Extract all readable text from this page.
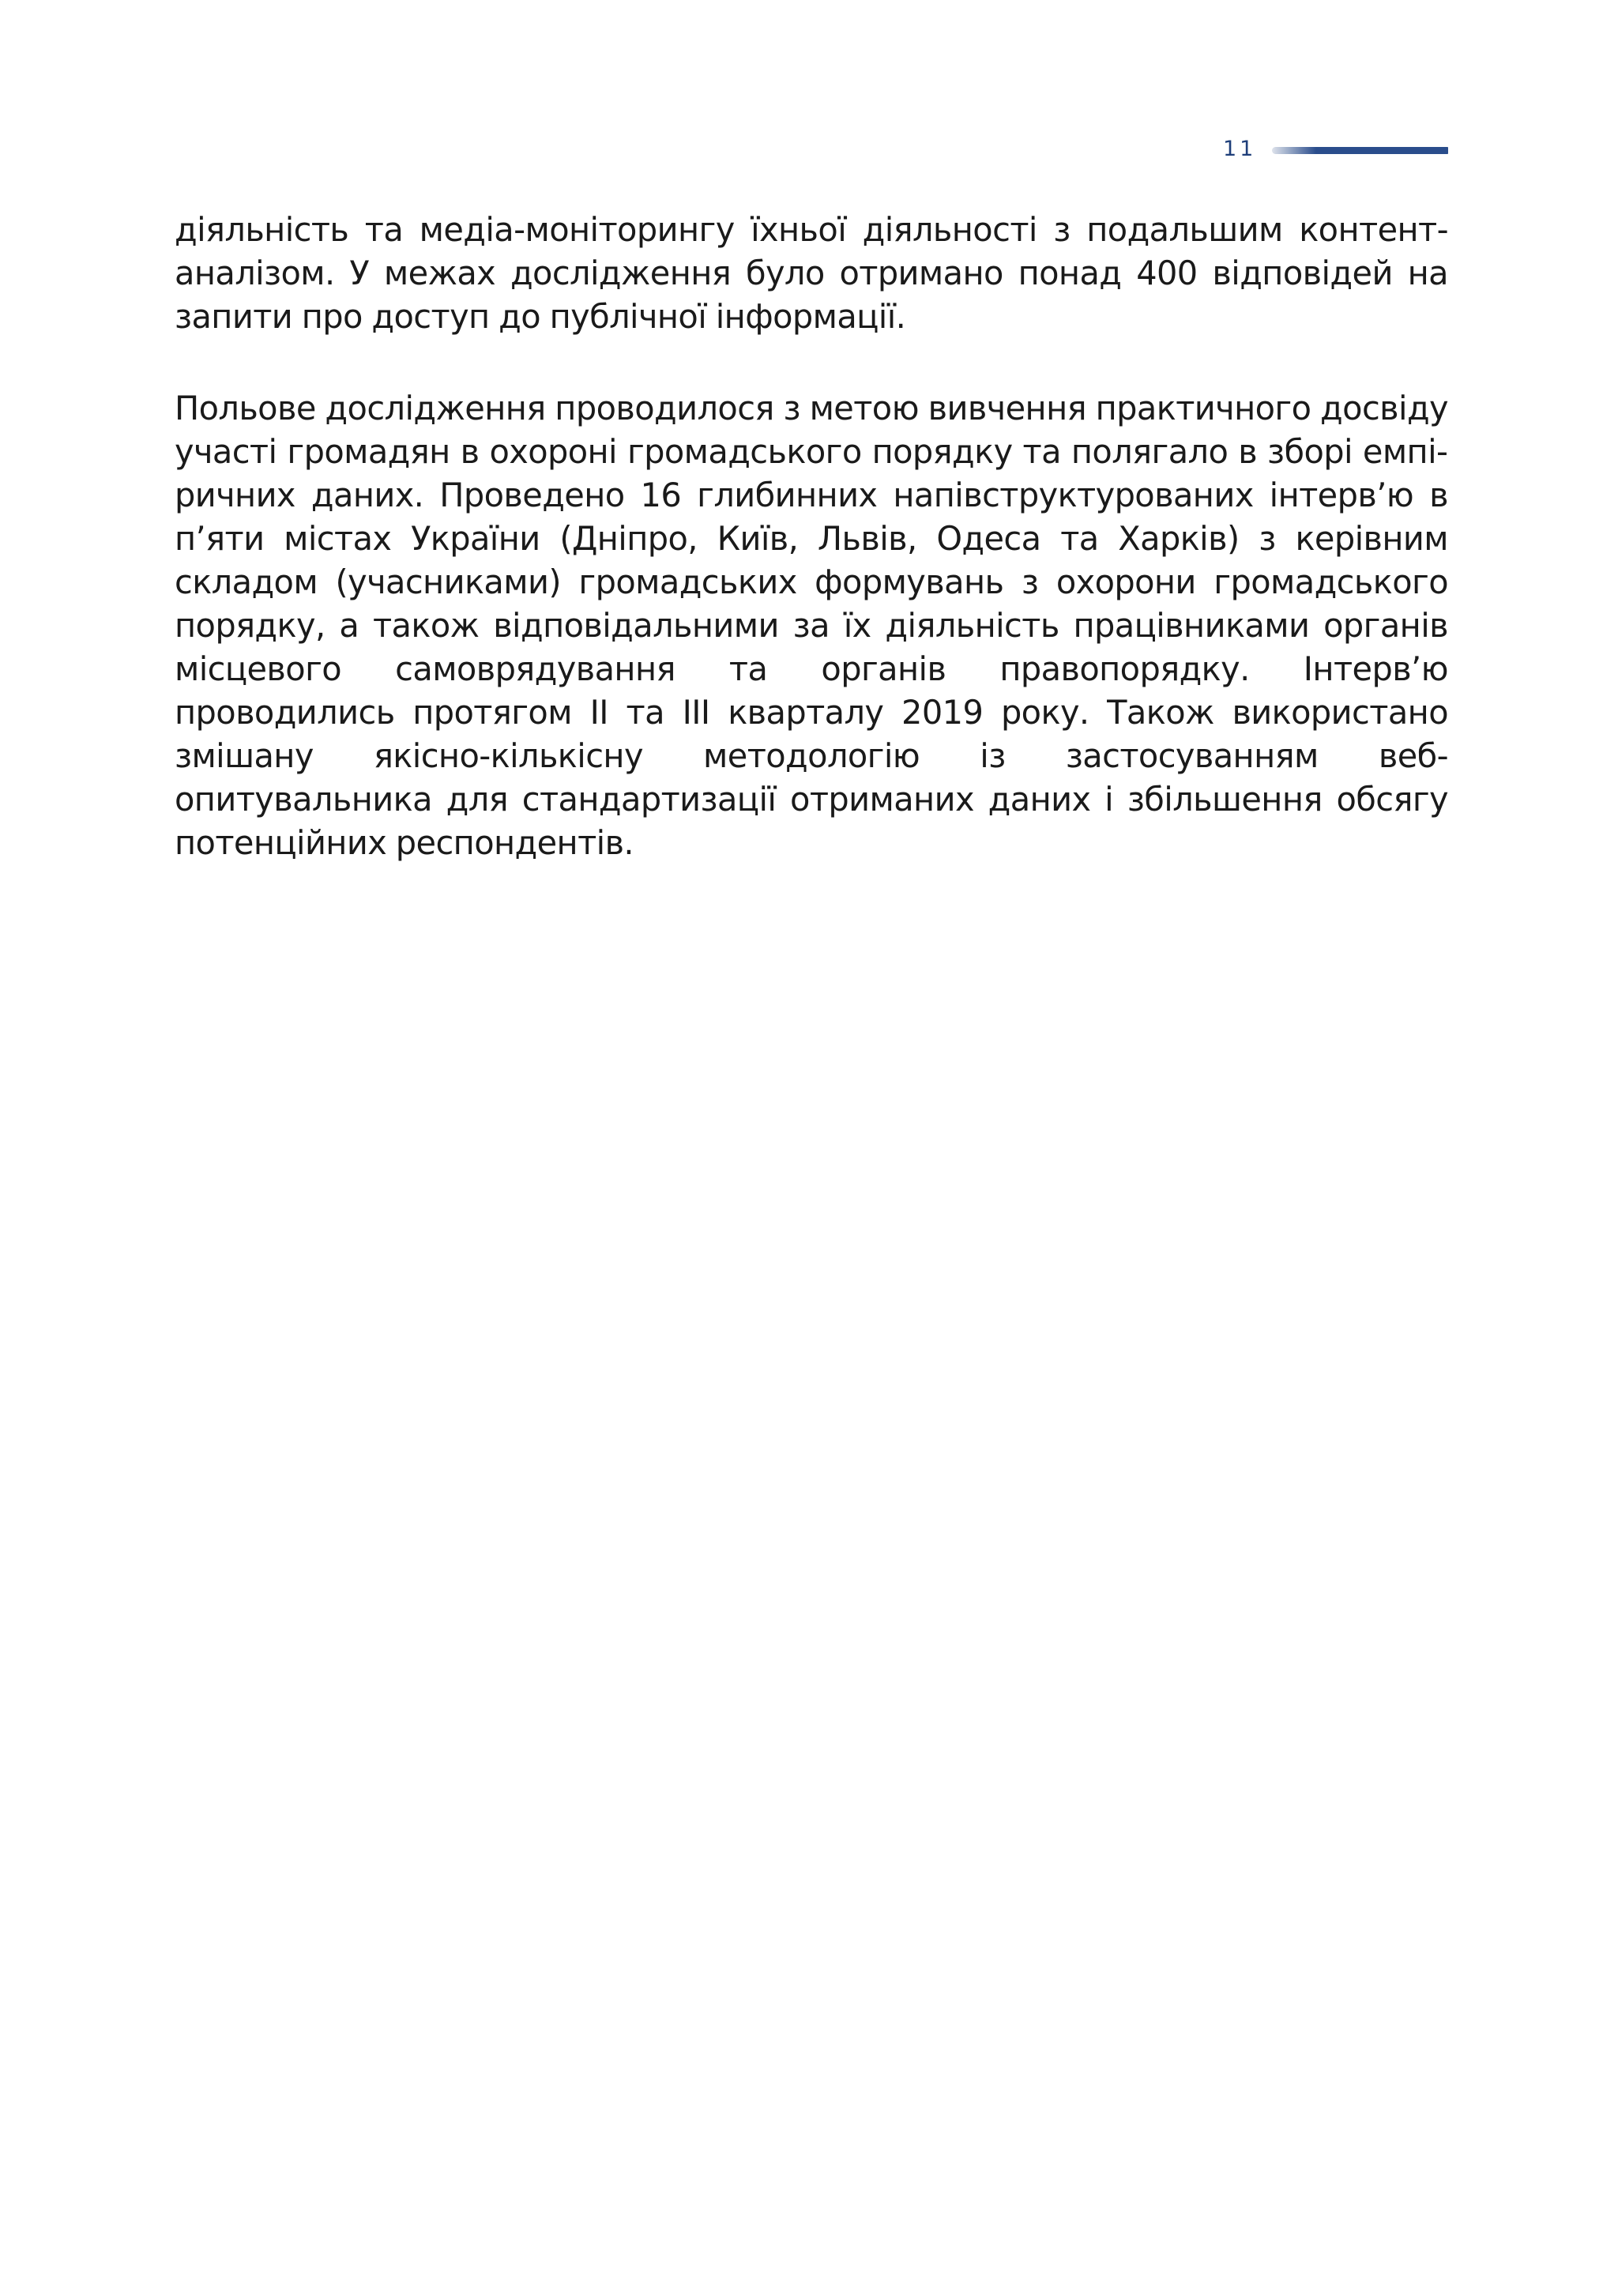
11

діяльність та медіа-моніторингу їхньої діяльності з подальшим контент-аналізом. У межах дослідження було отримано понад 400 відповідей на запити про доступ до публічної інформації.

Польове дослідження проводилося з метою вивчення практичного досвіду участі громадян в охороні громадського порядку та полягало в зборі емпіричних даних. Проведено 16 глибинних напівструктурованих інтерв’ю в п’яти містах України (Дніпро, Київ, Львів, Одеса та Харків) з керівним складом (учасниками) громадських формувань з охорони громадського порядку, а також відповідальними за їх діяльність працівниками органів місцевого самоврядування та органів правопорядку. Інтерв’ю проводились протягом II та III кварталу 2019 року. Також використано змішану якісно-кількісну методологію із застосуванням веб-опитувальника для стандартизації отриманих даних і збільшення обсягу потенційних респондентів.
